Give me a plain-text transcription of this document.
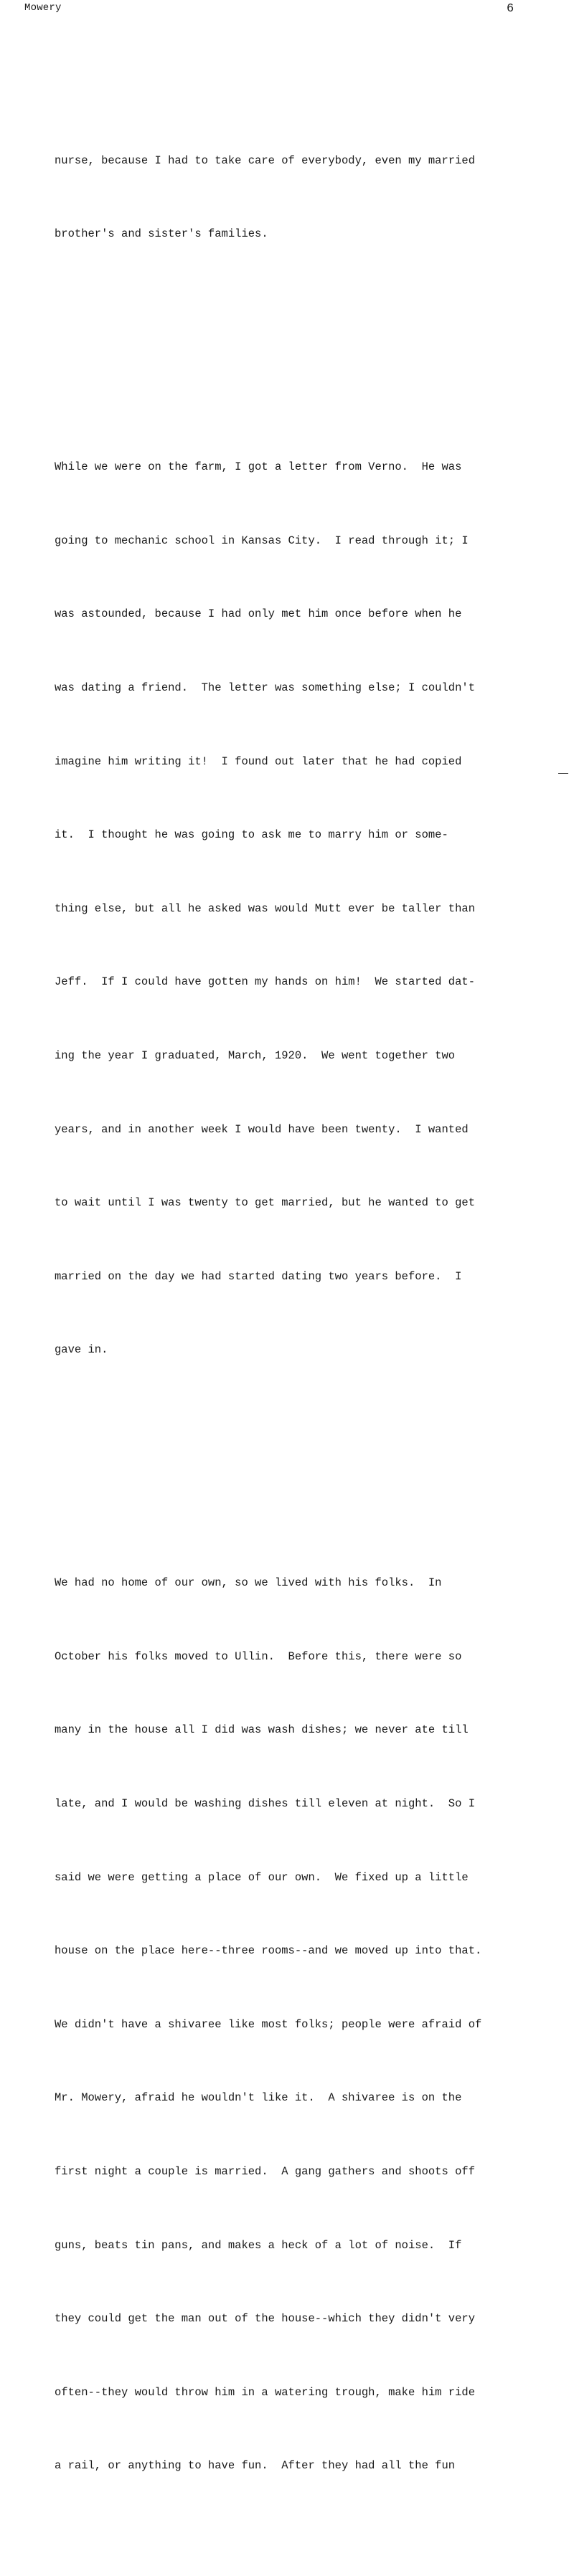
Mowery	6

nurse, because I had to take care of everybody, even my married

brother's and sister's families.

While we were on the farm, I got a letter from Verno.  He was

going to mechanic school in Kansas City.  I read through it; I

was astounded, because I had only met him once before when he

was dating a friend.  The letter was something else; I couldn't

imagine him writing it!  I found out later that he had copied

it.  I thought he was going to ask me to marry him or some-

thing else, but all he asked was would Mutt ever be taller than

Jeff.  If I could have gotten my hands on him!  We started dat-

ing the year I graduated, March, 1920.  We went together two

years, and in another week I would have been twenty.  I wanted

to wait until I was twenty to get married, but he wanted to get

married on the day we had started dating two years before.  I

gave in.

We had no home of our own, so we lived with his folks.  In

October his folks moved to Ullin.  Before this, there were so

many in the house all I did was wash dishes; we never ate till

late, and I would be washing dishes till eleven at night.  So I

said we were getting a place of our own.  We fixed up a little

house on the place here--three rooms--and we moved up into that.

We didn't have a shivaree like most folks; people were afraid of

Mr. Mowery, afraid he wouldn't like it.  A shivaree is on the

first night a couple is married.  A gang gathers and shoots off

guns, beats tin pans, and makes a heck of a lot of noise.  If

they could get the man out of the house--which they didn't very

often--they would throw him in a watering trough, make him ride

a rail, or anything to have fun.  After they had all the fun
